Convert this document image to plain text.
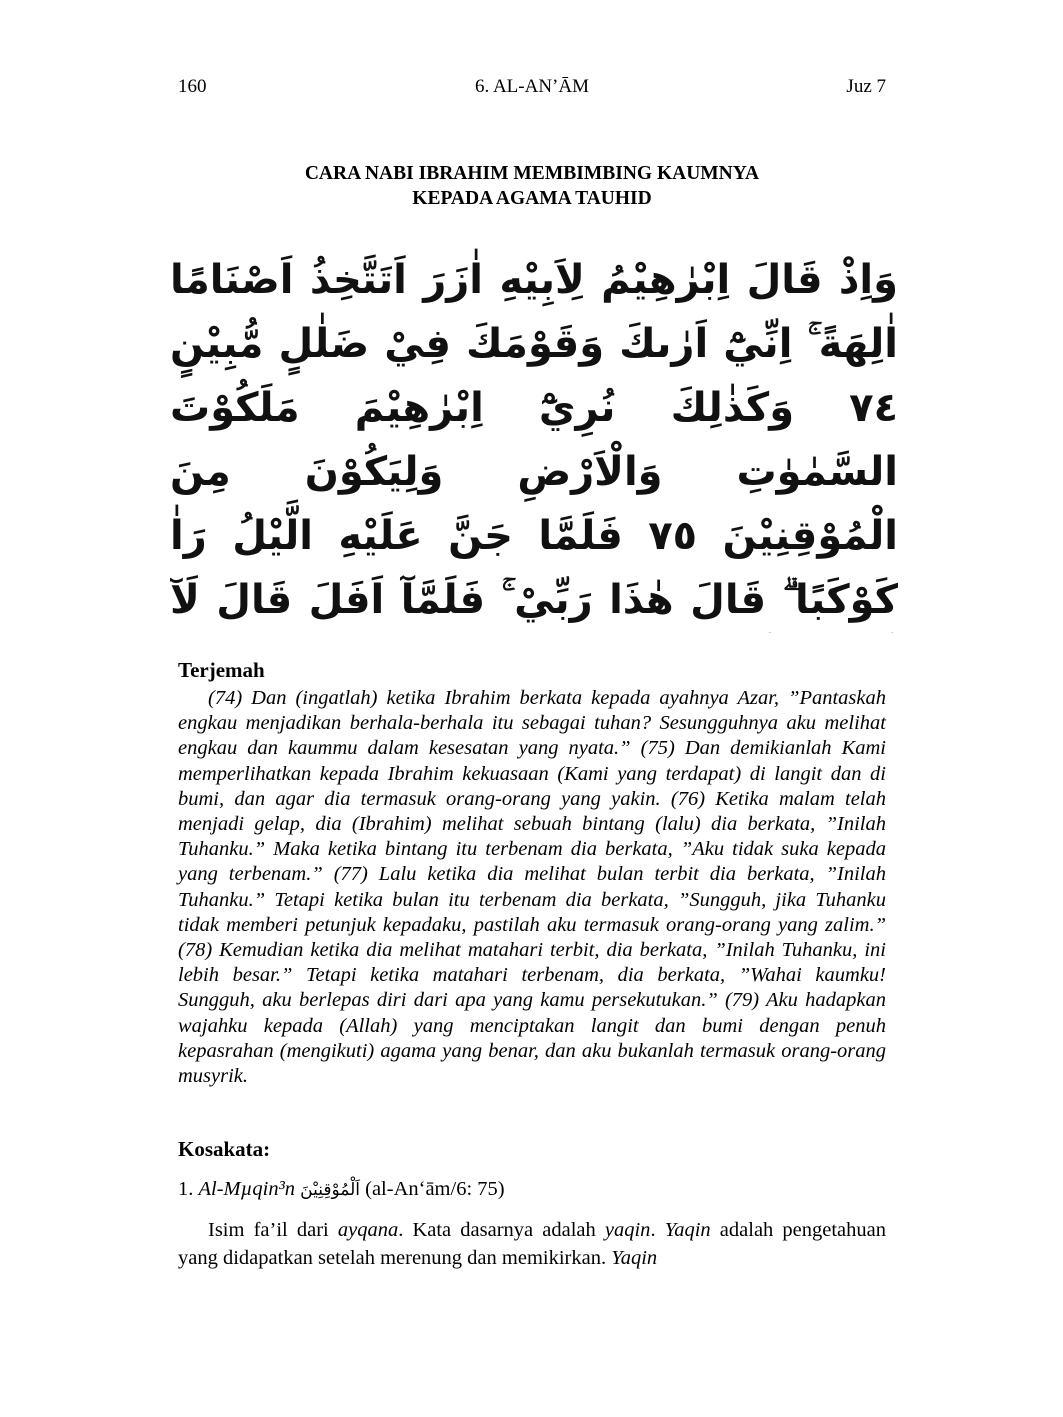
160	6. AL-AN’ĀM	Juz 7
CARA NABI IBRAHIM MEMBIMBING KAUMNYA
KEPADA AGAMA TAUHID
وَاِذْ قَالَ اِبْرٰهِيْمُ لِاَبِيْهِ اٰزَرَ اَتَتَّخِذُ اَصْنَامًا اٰلِهَةً ۚ اِنِّيْٓ اَرٰىكَ وَقَوْمَكَ فِيْ ضَلٰلٍ مُّبِيْنٍ ٧٤ وَكَذٰلِكَ نُرِيْٓ اِبْرٰهِيْمَ مَلَكُوْتَ السَّمٰوٰتِ وَالْاَرْضِ وَلِيَكُوْنَ مِنَ الْمُوْقِنِيْنَ ٧٥ فَلَمَّا جَنَّ عَلَيْهِ الَّيْلُ رَاٰ كَوْكَبًا ۗ قَالَ هٰذَا رَبِّيْ ۚ فَلَمَّآ اَفَلَ قَالَ لَآ
Terjemah
(74) Dan (ingatlah) ketika Ibrahim berkata kepada ayahnya Azar, ”Pantaskah engkau menjadikan berhala-berhala itu sebagai tuhan? Sesungguhnya aku melihat engkau dan kaummu dalam kesesatan yang nyata.” (75) Dan demikianlah Kami memperlihatkan kepada Ibrahim kekuasaan (Kami yang terdapat) di langit dan di bumi, dan agar dia termasuk orang-orang yang yakin. (76) Ketika malam telah menjadi gelap, dia (Ibrahim) melihat sebuah bintang (lalu) dia berkata, ”Inilah Tuhanku.” Maka ketika bintang itu terbenam dia berkata, ”Aku tidak suka kepada yang terbenam.” (77) Lalu ketika dia melihat bulan terbit dia berkata, ”Inilah Tuhanku.” Tetapi ketika bulan itu terbenam dia berkata, ”Sungguh, jika Tuhanku tidak memberi petunjuk kepadaku, pastilah aku termasuk orang-orang yang zalim.” (78) Kemudian ketika dia melihat matahari terbit, dia berkata, ”Inilah Tuhanku, ini lebih besar.” Tetapi ketika matahari terbenam, dia berkata, ”Wahai kaumku! Sungguh, aku berlepas diri dari apa yang kamu persekutukan.” (79) Aku hadapkan wajahku kepada (Allah) yang menciptakan langit dan bumi dengan penuh kepasrahan (mengikuti) agama yang benar, dan aku bukanlah termasuk orang-orang musyrik.
Kosakata:
1. Al-Mµqin³n اَلْمُوْقِنِيْنَ (al-An‘ām/6: 75)
Isim fa’il dari ayqana. Kata dasarnya adalah yaqin. Yaqin adalah pengetahuan yang didapatkan setelah merenung dan memikirkan. Yaqin
